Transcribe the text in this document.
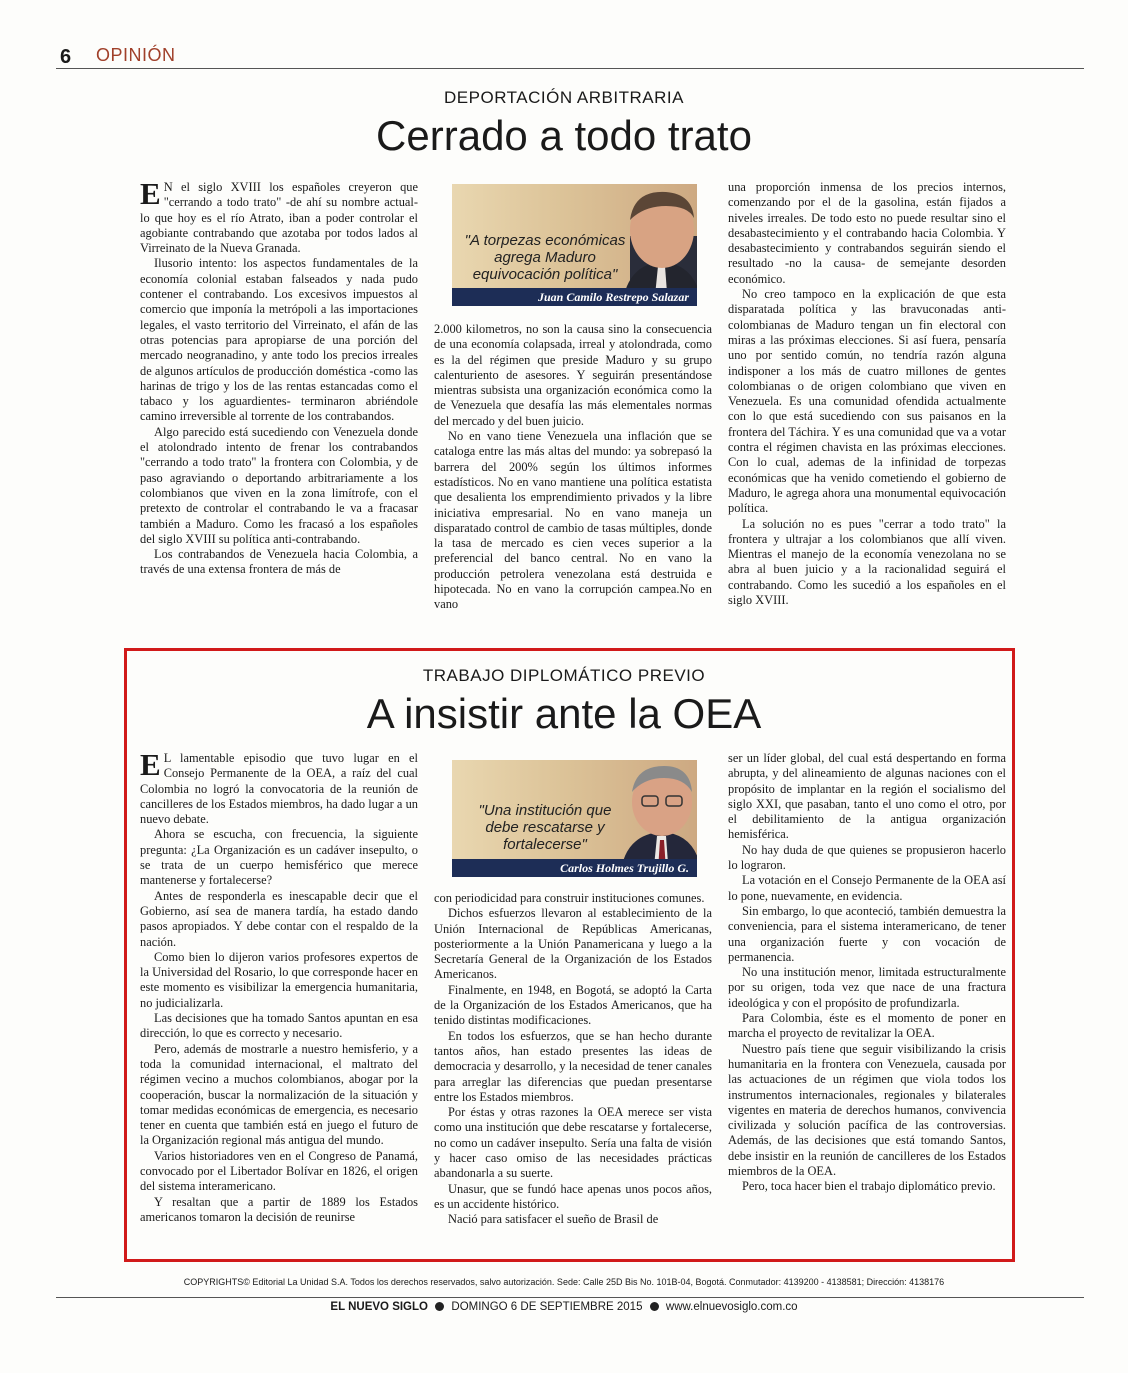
6 OPINIÓN
DEPORTACIÓN ARBITRARIA
Cerrado a todo trato

EN el siglo XVIII los españoles creyeron que "cerrando a todo trato" -de ahí su nombre actual- lo que hoy es el río Atrato, iban a poder controlar el agobiante contrabando que azotaba por todos lados al Virreinato de la Nueva Granada.

Ilusorio intento: los aspectos fundamentales de la economía colonial estaban falseados y nada pudo contener el contrabando. Los excesivos impuestos al comercio que imponía la metrópoli a las importaciones legales, el vasto territorio del Virreinato, el afán de las otras potencias para apropiarse de una porción del mercado neogranadino, y ante todo los precios irreales de algunos artículos de producción doméstica -como las harinas de trigo y los de las rentas estancadas como el tabaco y los aguardientes- terminaron abriéndole camino irreversible al torrente de los contrabandos.

Algo parecido está sucediendo con Venezuela donde el atolondrado intento de frenar los contrabandos "cerrando a todo trato" la frontera con Colombia, y de paso agraviando o deportando arbitrariamente a los colombianos que viven en la zona limítrofe, con el pretexto de controlar el contrabando le va a fracasar también a Maduro. Como les fracasó a los españoles del siglo XVIII su política anti-contrabando.

Los contrabandos de Venezuela hacia Colombia, a través de una extensa frontera de más de

"A torpezas económicas agrega Maduro equivocación política"
Juan Camilo Restrepo Salazar

2.000 kilometros, no son la causa sino la consecuencia de una economía colapsada, irreal y atolondrada, como es la del régimen que preside Maduro y su grupo calenturiento de asesores. Y seguirán presentándose mientras subsista una organización económica como la de Venezuela que desafía las más elementales normas del mercado y del buen juicio.

No en vano tiene Venezuela una inflación que se cataloga entre las más altas del mundo: ya sobrepasó la barrera del 200% según los últimos informes estadísticos. No en vano mantiene una política estatista que desalienta los emprendimiento privados y la libre iniciativa empresarial. No en vano maneja un disparatado control de cambio de tasas múltiples, donde la tasa de mercado es cien veces superior a la preferencial del banco central. No en vano la producción petrolera venezolana está destruida e hipotecada. No en vano la corrupción campea.No en vano

una proporción inmensa de los precios internos, comenzando por el de la gasolina, están fijados a niveles irreales. De todo esto no puede resultar sino el desabastecimiento y el contrabando hacia Colombia. Y desabastecimiento y contrabandos seguirán siendo el resultado -no la causa- de semejante desorden económico.

No creo tampoco en la explicación de que esta disparatada política y las bravuconadas anti-colombianas de Maduro tengan un fin electoral con miras a las próximas elecciones. Si así fuera, pensaría uno por sentido común, no tendría razón alguna indisponer a los más de cuatro millones de gentes colombianas o de origen colombiano que viven en Venezuela. Es una comunidad ofendida actualmente con lo que está sucediendo con sus paisanos en la frontera del Táchira. Y es una comunidad que va a votar contra el régimen chavista en las próximas elecciones. Con lo cual, ademas de la infinidad de torpezas económicas que ha venido cometiendo el gobierno de Maduro, le agrega ahora una monumental equivocación política.

La solución no es pues "cerrar a todo trato" la frontera y ultrajar a los colombianos que allí viven. Mientras el manejo de la economía venezolana no se abra al buen juicio y a la racionalidad seguirá el contrabando. Como les sucedió a los españoles en el siglo XVIII.

TRABAJO DIPLOMÁTICO PREVIO
A insistir ante la OEA

EL lamentable episodio que tuvo lugar en el Consejo Permanente de la OEA, a raíz del cual Colombia no logró la convocatoria de la reunión de cancilleres de los Estados miembros, ha dado lugar a un nuevo debate.

Ahora se escucha, con frecuencia, la siguiente pregunta: ¿La Organización es un cadáver insepulto, o se trata de un cuerpo hemisférico que merece mantenerse y fortalecerse?

Antes de responderla es inescapable decir que el Gobierno, así sea de manera tardía, ha estado dando pasos apropiados. Y debe contar con el respaldo de la nación.

Como bien lo dijeron varios profesores expertos de la Universidad del Rosario, lo que corresponde hacer en este momento es visibilizar la emergencia humanitaria, no judicializarla.

Las decisiones que ha tomado Santos apuntan en esa dirección, lo que es correcto y necesario.

Pero, además de mostrarle a nuestro hemisferio, y a toda la comunidad internacional, el maltrato del régimen vecino a muchos colombianos, abogar por la cooperación, buscar la normalización de la situación y tomar medidas económicas de emergencia, es necesario tener en cuenta que también está en juego el futuro de la Organización regional más antigua del mundo.

Varios historiadores ven en el Congreso de Panamá, convocado por el Libertador Bolívar en 1826, el origen del sistema interamericano.

Y resaltan que a partir de 1889 los Estados americanos tomaron la decisión de reunirse

"Una institución que debe rescatarse y fortalecerse"
Carlos Holmes Trujillo G.

con periodicidad para construir instituciones comunes.

Dichos esfuerzos llevaron al establecimiento de la Unión Internacional de Repúblicas Americanas, posteriormente a la Unión Panamericana y luego a la Secretaría General de la Organización de los Estados Americanos.

Finalmente, en 1948, en Bogotá, se adoptó la Carta de la Organización de los Estados Americanos, que ha tenido distintas modificaciones.

En todos los esfuerzos, que se han hecho durante tantos años, han estado presentes las ideas de democracia y desarrollo, y la necesidad de tener canales para arreglar las diferencias que puedan presentarse entre los Estados miembros.

Por éstas y otras razones la OEA merece ser vista como una institución que debe rescatarse y fortalecerse, no como un cadáver insepulto. Sería una falta de visión y hacer caso omiso de las necesidades prácticas abandonarla a su suerte.

Unasur, que se fundó hace apenas unos pocos años, es un accidente histórico.

Nació para satisfacer el sueño de Brasil de

ser un líder global, del cual está despertando en forma abrupta, y del alineamiento de algunas naciones con el propósito de implantar en la región el socialismo del siglo XXI, que pasaban, tanto el uno como el otro, por el debilitamiento de la antigua organización hemisférica.

No hay duda de que quienes se propusieron hacerlo lo lograron.

La votación en el Consejo Permanente de la OEA así lo pone, nuevamente, en evidencia.

Sin embargo, lo que aconteció, también demuestra la conveniencia, para el sistema interamericano, de tener una organización fuerte y con vocación de permanencia.

No una institución menor, limitada estructuralmente por su origen, toda vez que nace de una fractura ideológica y con el propósito de profundizarla.

Para Colombia, éste es el momento de poner en marcha el proyecto de revitalizar la OEA.

Nuestro país tiene que seguir visibilizando la crisis humanitaria en la frontera con Venezuela, causada por las actuaciones de un régimen que viola todos los instrumentos internacionales, regionales y bilaterales vigentes en materia de derechos humanos, convivencia civilizada y solución pacífica de las controversias. Además, de las decisiones que está tomando Santos, debe insistir en la reunión de cancilleres de los Estados miembros de la OEA.

Pero, toca hacer bien el trabajo diplomático previo.

COPYRIGHTS© Editorial La Unidad S.A. Todos los derechos reservados, salvo autorización. Sede: Calle 25D Bis No. 101B-04, Bogotá. Conmutador: 4139200 - 4138581; Dirección: 4138176
EL NUEVO SIGLO DOMINGO 6 DE SEPTIEMBRE 2015 www.elnuevosiglo.com.co
